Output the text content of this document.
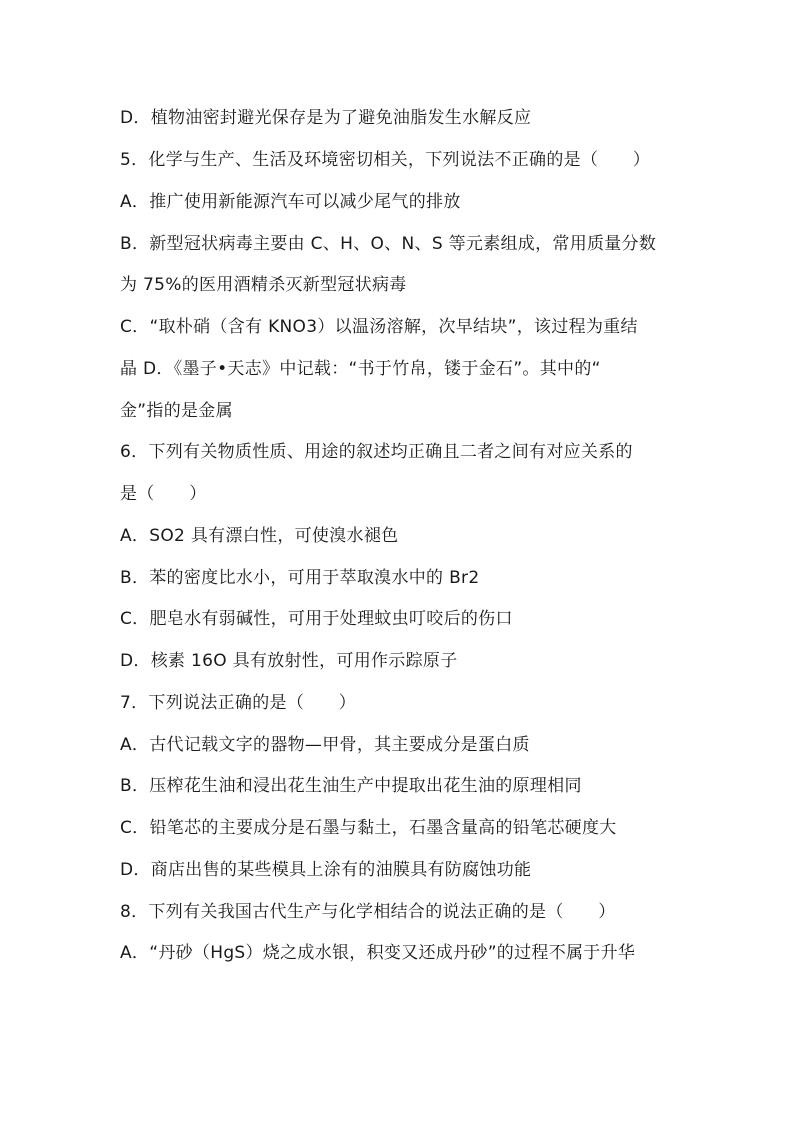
D．植物油密封避光保存是为了避免油脂发生水解反应
5．化学与生产、生活及环境密切相关，下列说法不正确的是（　　）
A．推广使用新能源汽车可以减少尾气的排放
B．新型冠状病毒主要由 C、H、O、N、S 等元素组成，常用质量分数
为 75%的医用酒精杀灭新型冠状病毒
C．“取朴硝（含有 KNO3）以温汤溶解，次早结块”，该过程为重结
晶 D．《墨子•天志》中记载：“书于竹帛，镂于金石”。其中的“
金”指的是金属
6．下列有关物质性质、用途的叙述均正确且二者之间有对应关系的
是（　　）
A．SO2 具有漂白性，可使溴水褪色
B．苯的密度比水小，可用于萃取溴水中的 Br2
C．肥皂水有弱碱性，可用于处理蚊虫叮咬后的伤口
D．核素 16O 具有放射性，可用作示踪原子
7．下列说法正确的是（　　）
A．古代记载文字的器物—甲骨，其主要成分是蛋白质
B．压榨花生油和浸出花生油生产中提取出花生油的原理相同
C．铅笔芯的主要成分是石墨与黏土，石墨含量高的铅笔芯硬度大
D．商店出售的某些模具上涂有的油膜具有防腐蚀功能
8．下列有关我国古代生产与化学相结合的说法正确的是（　　）
A．“丹砂（HgS）烧之成水银，积变又还成丹砂”的过程不属于升华
